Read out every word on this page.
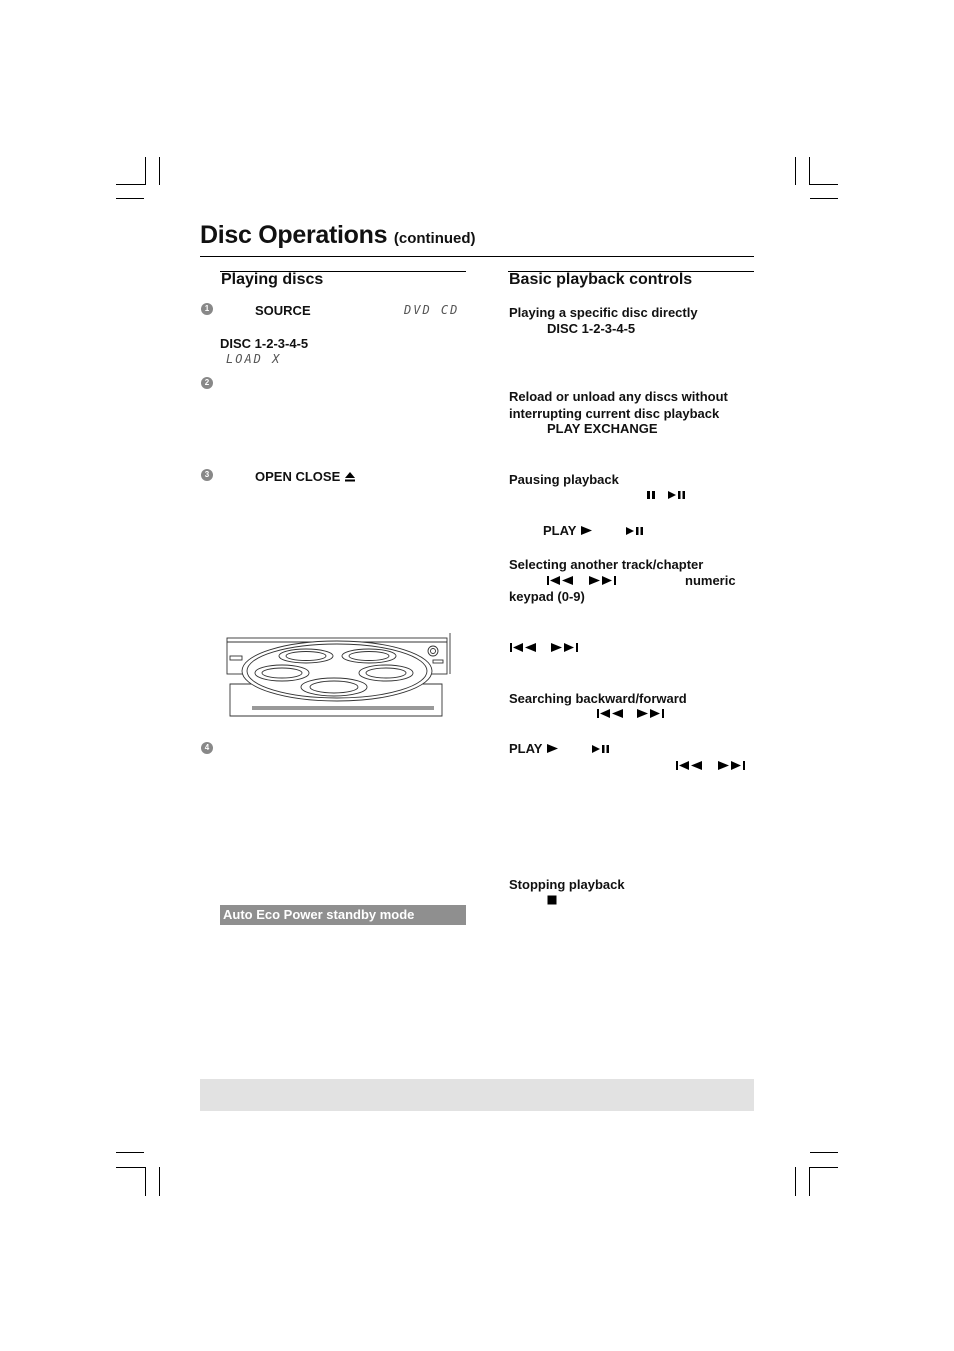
Disc Operations (continued)
Playing discs
1	SOURCE	DVD CD
DISC 1-2-3-4-5
LOAD X
2
3	OPEN CLOSE
4
Auto Eco Power standby mode
Basic playback controls
Playing a specific disc directly
DISC 1-2-3-4-5
Reload or unload any discs without
interrupting current disc playback
PLAY EXCHANGE
Pausing playback
PLAY
Selecting another track/chapter
numeric
keypad (0-9)
Searching backward/forward
PLAY
Stopping playback
